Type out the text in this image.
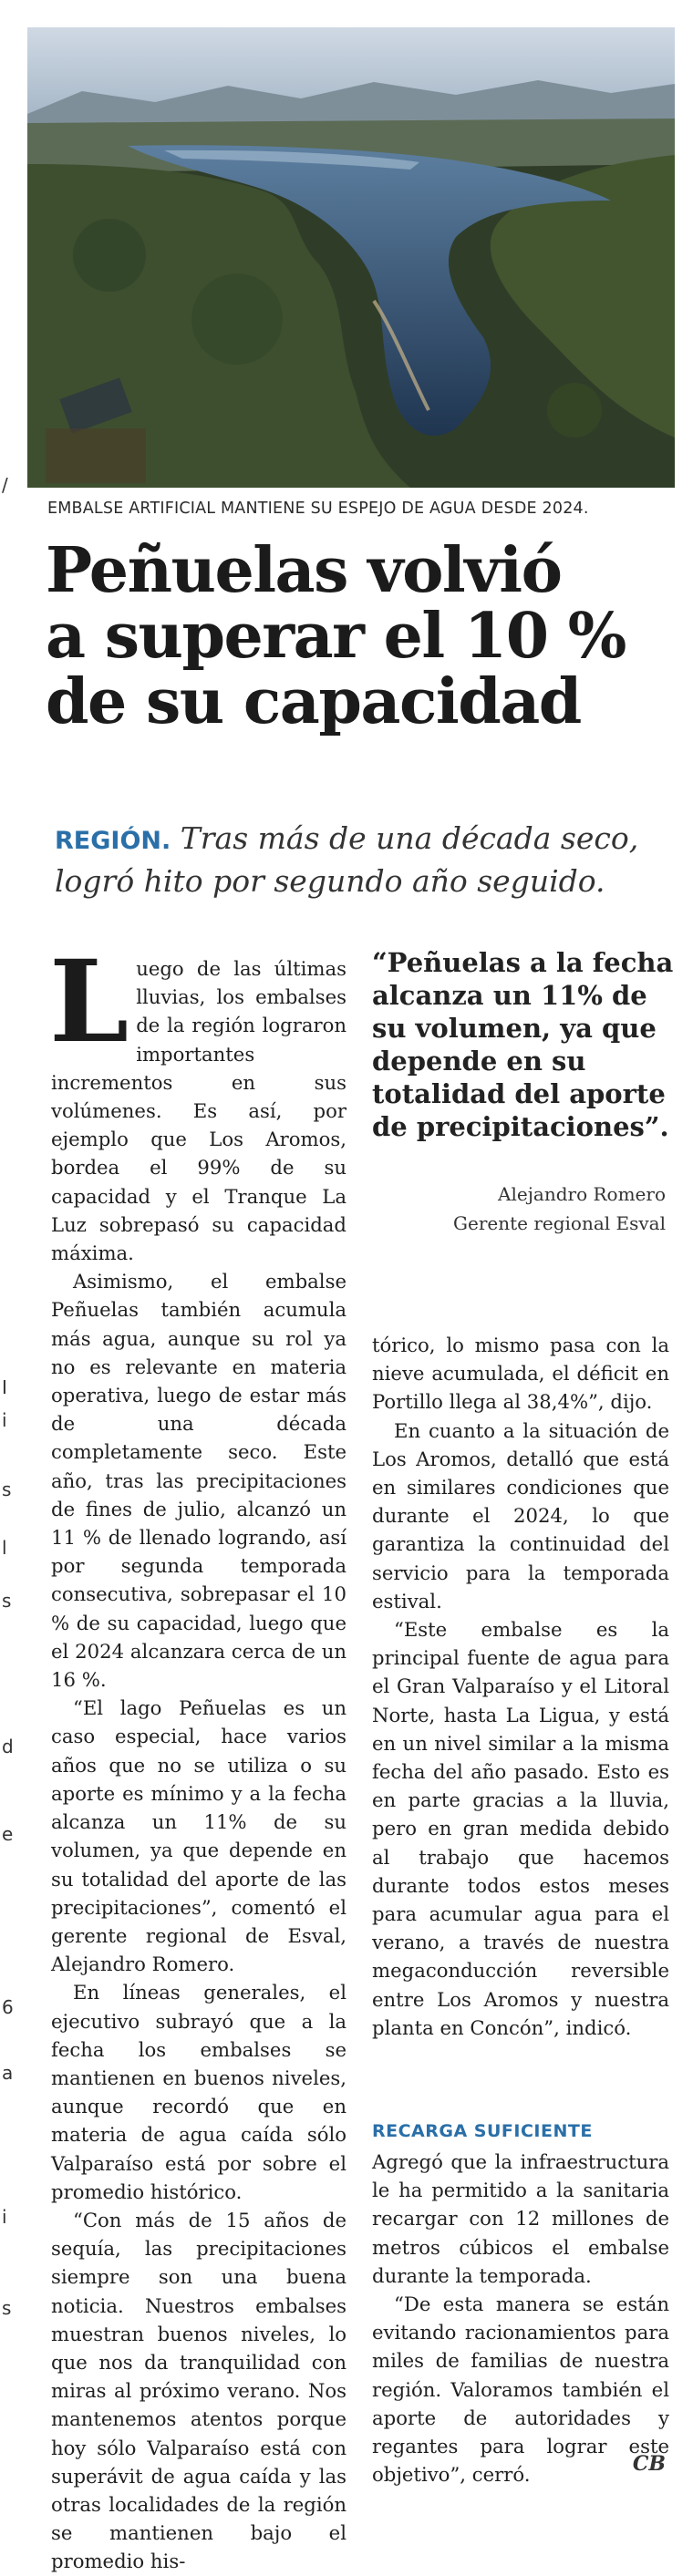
/
I
i
s
l
s
d
e
6
a
i
s
EMBALSE ARTIFICIAL MANTIENE SU ESPEJO DE AGUA DESDE 2024.
Peñuelas volvió
a superar el 10 %
de su capacidad
REGIÓN. Tras más de una década seco,
logró hito por segundo año seguido.

Luego de las últimas lluvias, los embalses de la región lograron importantes incrementos en sus volúmenes. Es así, por ejemplo que Los Aromos, bordea el 99% de su capacidad y el Tranque La Luz sobrepasó su capacidad máxima.

Asimismo, el embalse Peñuelas también acumula más agua, aunque su rol ya no es relevante en materia operativa, luego de estar más de una década completamente seco. Este año, tras las precipitaciones de fines de julio, alcanzó un 11 % de llenado logrando, así por segunda temporada consecutiva, sobrepasar el 10 % de su capacidad, luego que el 2024 alcanzara cerca de un 16 %.

“El lago Peñuelas es un caso especial, hace varios años que no se utiliza o su aporte es mínimo y a la fecha alcanza un 11% de su volumen, ya que depende en su totalidad del aporte de las precipitaciones”, comentó el gerente regional de Esval, Alejandro Romero.

En líneas generales, el ejecutivo subrayó que a la fecha los embalses se mantienen en buenos niveles, aunque recordó que en materia de agua caída sólo Valparaíso está por sobre el promedio histórico.

“Con más de 15 años de sequía, las precipitaciones siempre son una buena noticia. Nuestros embalses muestran buenos niveles, lo que nos da tranquilidad con miras al próximo verano. Nos mantenemos atentos porque hoy sólo Valparaíso está con superávit de agua caída y las otras localidades de la región se mantienen bajo el promedio his-

“Peñuelas a la fecha alcanza un 11% de su volumen, ya que depende en su totalidad del aporte de precipitaciones”.
Alejandro Romero
Gerente regional Esval

tórico, lo mismo pasa con la nieve acumulada, el déficit en Portillo llega al 38,4%”, dijo.

En cuanto a la situación de Los Aromos, detalló que está en similares condiciones que durante el 2024, lo que garantiza la continuidad del servicio para la temporada estival.

“Este embalse es la principal fuente de agua para el Gran Valparaíso y el Litoral Norte, hasta La Ligua, y está en un nivel similar a la misma fecha del año pasado. Esto es en parte gracias a la lluvia, pero en gran medida debido al trabajo que hacemos durante todos estos meses para acumular agua para el verano, a través de nuestra megaconducción reversible entre Los Aromos y nuestra planta en Concón”, indicó.

RECARGA SUFICIENTE

Agregó que la infraestructura le ha permitido a la sanitaria recargar con 12 millones de metros cúbicos el embalse durante la temporada.

“De esta manera se están evitando racionamientos para miles de familias de nuestra región. Valoramos también el aporte de autoridades y regantes para lograr este objetivo”, cerró.	CB
